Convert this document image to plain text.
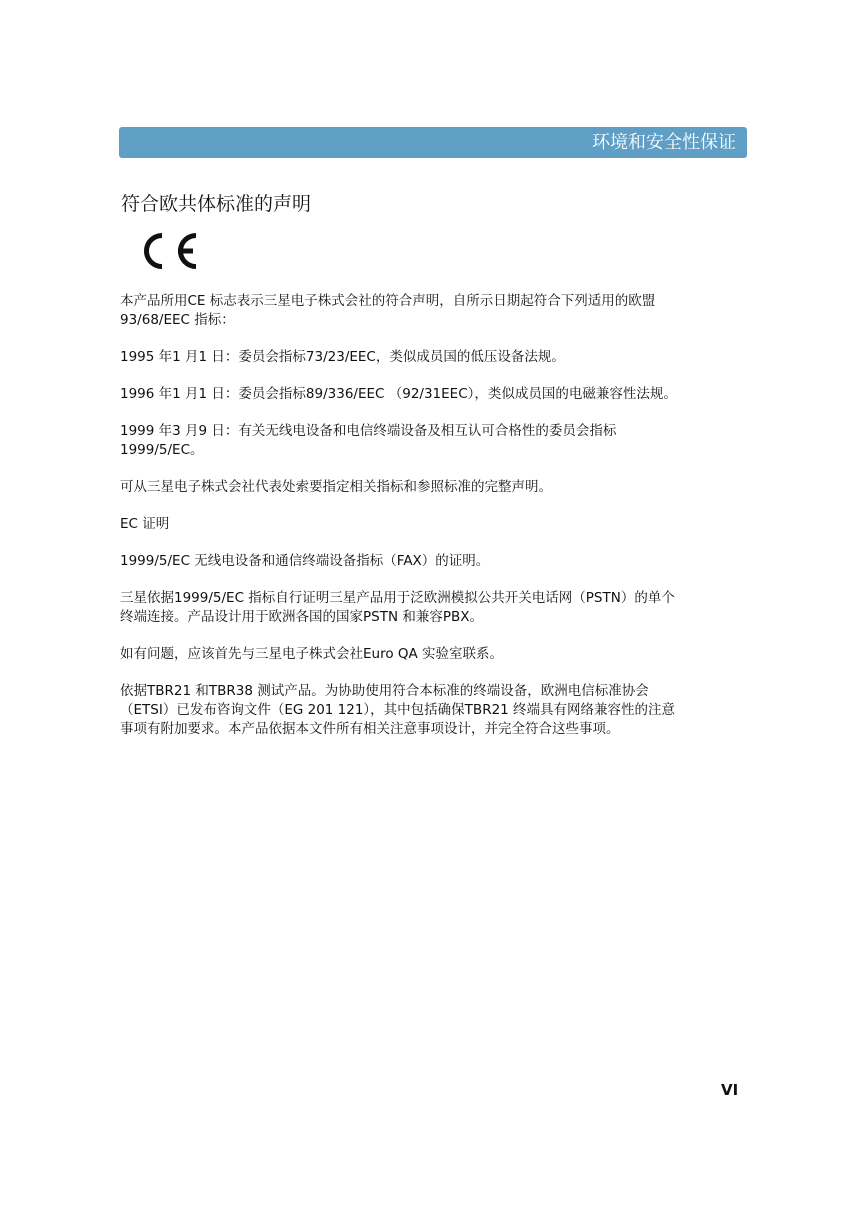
环境和安全性保证
符合欧共体标准的声明

本产品所用CE 标志表示三星电子株式会社的符合声明，自所示日期起符合下列适用的欧盟
93/68/EEC 指标：

1995 年1 月1 日：委员会指标73/23/EEC，类似成员国的低压设备法规。

1996 年1 月1 日：委员会指标89/336/EEC （92/31EEC），类似成员国的电磁兼容性法规。

1999 年3 月9 日：有关无线电设备和电信终端设备及相互认可合格性的委员会指标
1999/5/EC。

可从三星电子株式会社代表处索要指定相关指标和参照标准的完整声明。

EC 证明

1999/5/EC 无线电设备和通信终端设备指标（FAX）的证明。

三星依据1999/5/EC 指标自行证明三星产品用于泛欧洲模拟公共开关电话网（PSTN）的单个
终端连接。产品设计用于欧洲各国的国家PSTN 和兼容PBX。

如有问题，应该首先与三星电子株式会社Euro QA 实验室联系。

依据TBR21 和TBR38 测试产品。为协助使用符合本标准的终端设备，欧洲电信标准协会
（ETSI）已发布咨询文件（EG 201 121），其中包括确保TBR21 终端具有网络兼容性的注意
事项有附加要求。本产品依据本文件所有相关注意事项设计，并完全符合这些事项。

VI
